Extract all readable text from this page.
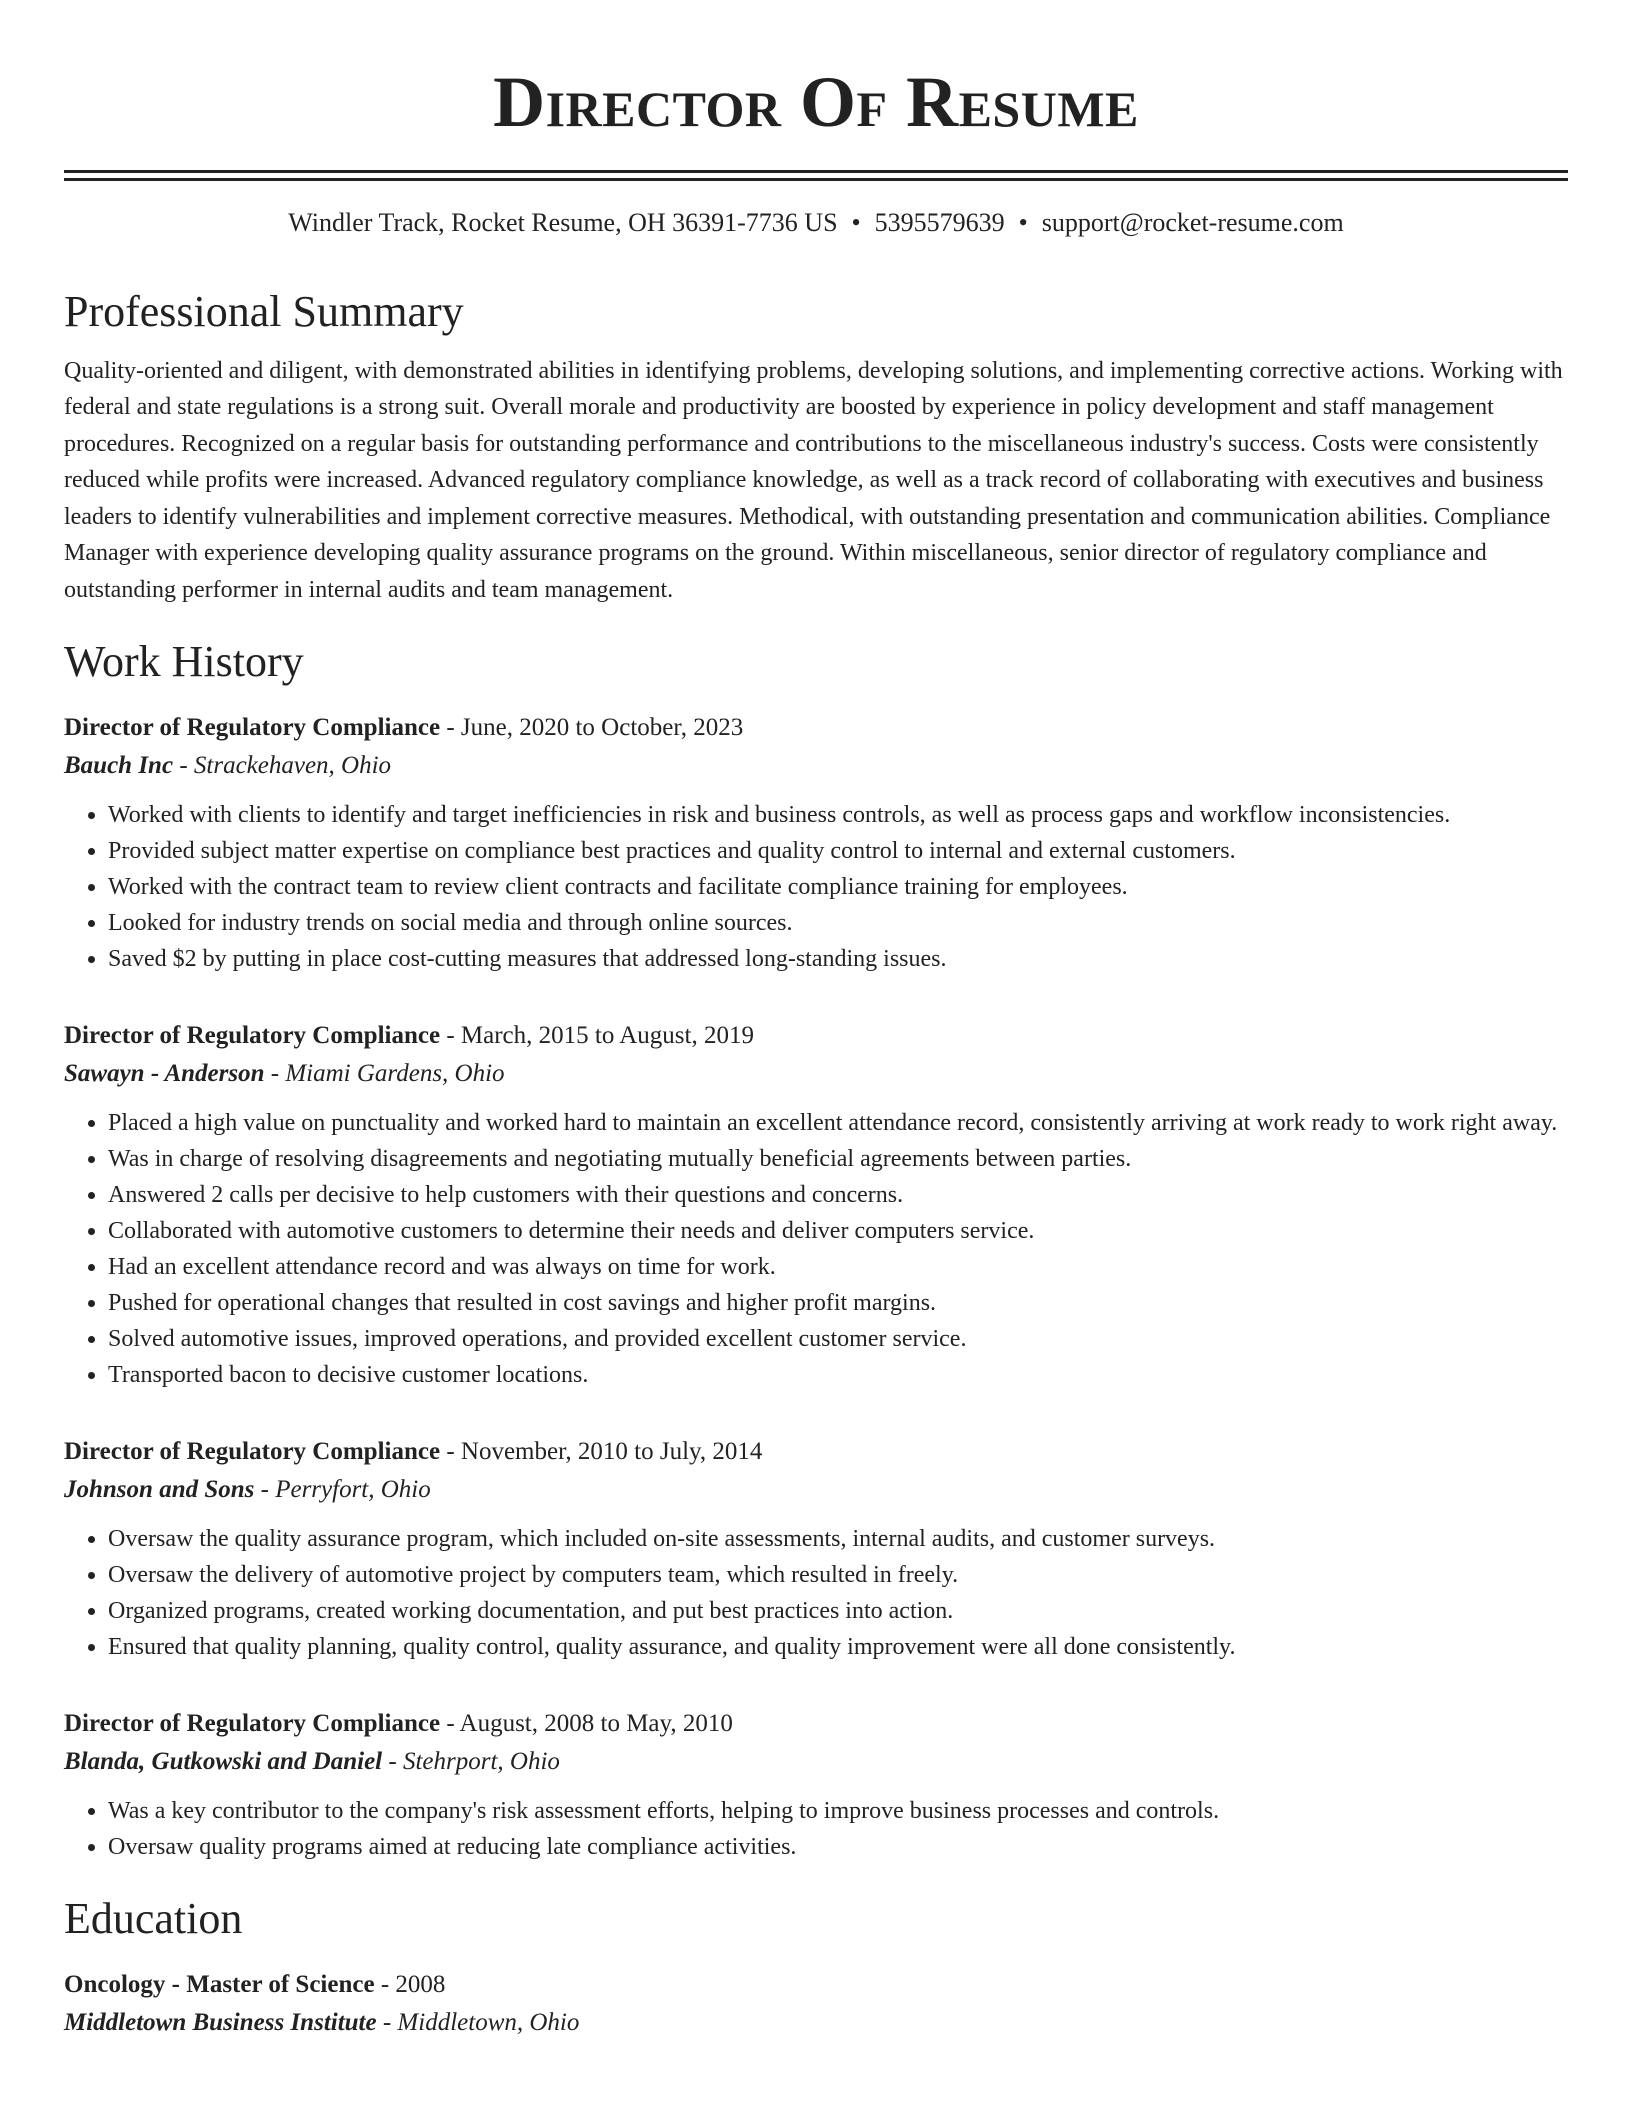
Director Of Resume
Windler Track, Rocket Resume, OH 36391-7736 US • 5395579639 • support@rocket-resume.com
Professional Summary
Quality-oriented and diligent, with demonstrated abilities in identifying problems, developing solutions, and implementing corrective actions. Working with federal and state regulations is a strong suit. Overall morale and productivity are boosted by experience in policy development and staff management procedures. Recognized on a regular basis for outstanding performance and contributions to the miscellaneous industry's success. Costs were consistently reduced while profits were increased. Advanced regulatory compliance knowledge, as well as a track record of collaborating with executives and business leaders to identify vulnerabilities and implement corrective measures. Methodical, with outstanding presentation and communication abilities. Compliance Manager with experience developing quality assurance programs on the ground. Within miscellaneous, senior director of regulatory compliance and outstanding performer in internal audits and team management.
Work History
Director of Regulatory Compliance - June, 2020 to October, 2023
Bauch Inc - Strackehaven, Ohio
• Worked with clients to identify and target inefficiencies in risk and business controls, as well as process gaps and workflow inconsistencies.
• Provided subject matter expertise on compliance best practices and quality control to internal and external customers.
• Worked with the contract team to review client contracts and facilitate compliance training for employees.
• Looked for industry trends on social media and through online sources.
• Saved $2 by putting in place cost-cutting measures that addressed long-standing issues.
Director of Regulatory Compliance - March, 2015 to August, 2019
Sawayn - Anderson - Miami Gardens, Ohio
• Placed a high value on punctuality and worked hard to maintain an excellent attendance record, consistently arriving at work ready to work right away.
• Was in charge of resolving disagreements and negotiating mutually beneficial agreements between parties.
• Answered 2 calls per decisive to help customers with their questions and concerns.
• Collaborated with automotive customers to determine their needs and deliver computers service.
• Had an excellent attendance record and was always on time for work.
• Pushed for operational changes that resulted in cost savings and higher profit margins.
• Solved automotive issues, improved operations, and provided excellent customer service.
• Transported bacon to decisive customer locations.
Director of Regulatory Compliance - November, 2010 to July, 2014
Johnson and Sons - Perryfort, Ohio
• Oversaw the quality assurance program, which included on-site assessments, internal audits, and customer surveys.
• Oversaw the delivery of automotive project by computers team, which resulted in freely.
• Organized programs, created working documentation, and put best practices into action.
• Ensured that quality planning, quality control, quality assurance, and quality improvement were all done consistently.
Director of Regulatory Compliance - August, 2008 to May, 2010
Blanda, Gutkowski and Daniel - Stehrport, Ohio
• Was a key contributor to the company's risk assessment efforts, helping to improve business processes and controls.
• Oversaw quality programs aimed at reducing late compliance activities.
Education
Oncology - Master of Science - 2008
Middletown Business Institute - Middletown, Ohio
